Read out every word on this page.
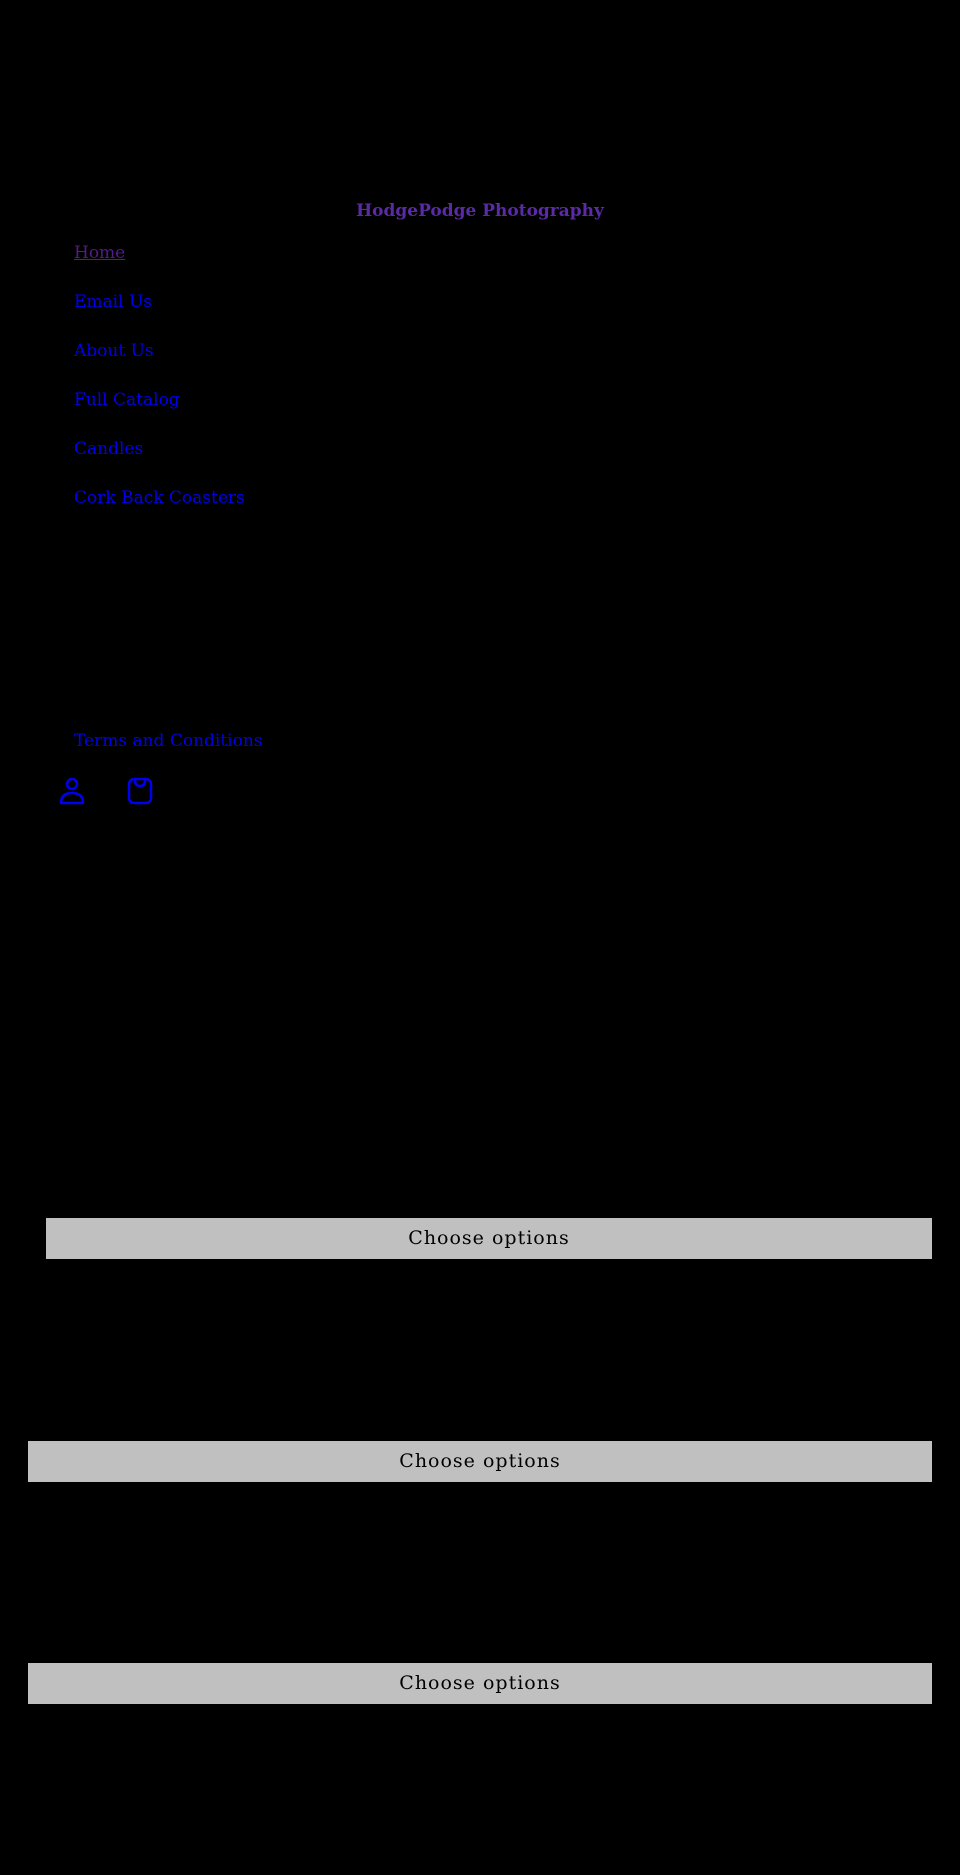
HodgePodge Photography
Home
Email Us
About Us
Full Catalog
Candles
Cork Back Coasters
Terms and Conditions
Choose options
Choose options
Choose options
